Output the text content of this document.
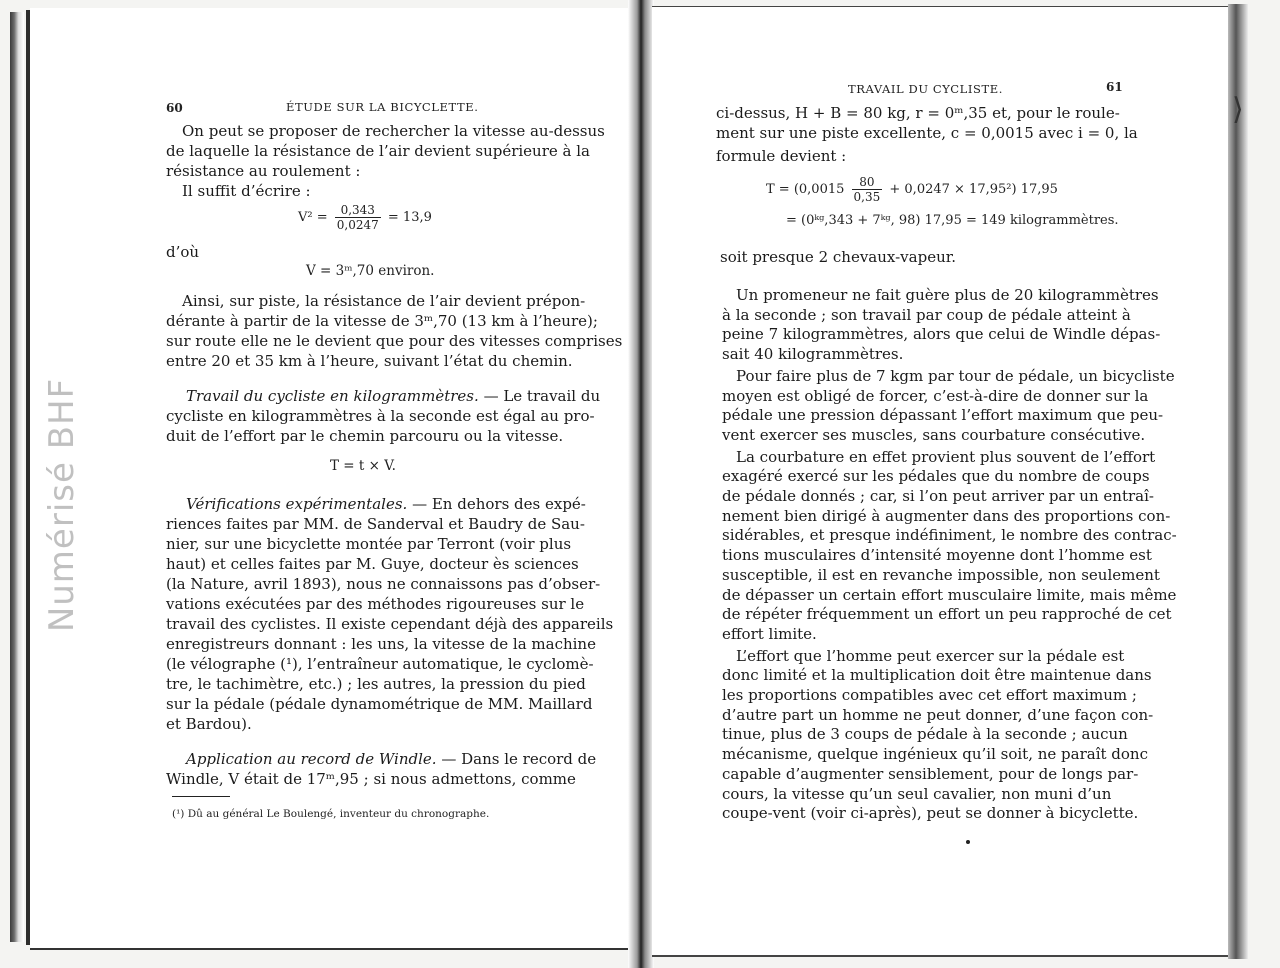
60	ÉTUDE SUR LA BICYCLETTE.
On peut se proposer de rechercher la vitesse au-dessus
de laquelle la résistance de l’air devient supérieure à la
résistance au roulement :
Il suffit d’écrire :
$V^2 = \frac{0,343}{0,0247} = 13,9$
d’où
V = 3ᵐ,70 environ.
Ainsi, sur piste, la résistance de l’air devient prépon-
dérante à partir de la vitesse de 3ᵐ,70 (13 km à l’heure);
sur route elle ne le devient que pour des vitesses comprises
entre 20 et 35 km à l’heure, suivant l’état du chemin.
Travail du cycliste en kilogrammètres. — Le travail du
cycliste en kilogrammètres à la seconde est égal au pro-
duit de l’effort par le chemin parcouru ou la vitesse.
T = t × V.
Vérifications expérimentales. — En dehors des expé-
riences faites par MM. de Sanderval et Baudry de Sau-
nier, sur une bicyclette montée par Terront (voir plus
haut) et celles faites par M. Guye, docteur ès sciences
(la Nature, avril 1893), nous ne connaissons pas d’obser-
vations exécutées par des méthodes rigoureuses sur le
travail des cyclistes. Il existe cependant déjà des appareils
enregistreurs donnant : les uns, la vitesse de la machine
(le vélographe (¹), l’entraîneur automatique, le cyclomè-
tre, le tachimètre, etc.) ; les autres, la pression du pied
sur la pédale (pédale dynamométrique de MM. Maillard
et Bardou).
Application au record de Windle. — Dans le record de
Windle, V était de 17ᵐ,95 ; si nous admettons, comme
(¹) Dû au général Le Boulengé, inventeur du chronographe.
Numérisé BHF
TRAVAIL DU CYCLISTE.	61
ci-dessus, H + B = 80 kg, r = 0ᵐ,35 et, pour le roule-
ment sur une piste excellente, c = 0,0015 avec i = 0, la
formule devient :
$T = (0,0015 \frac{80}{0,35} + 0,0247 \times 17,95^2)$ 17,95
= (0ᵏᵍ,343 + 7ᵏᵍ, 98) 17,95 = 149 kilogrammètres.
soit presque 2 chevaux-vapeur.
Un promeneur ne fait guère plus de 20 kilogrammètres
à la seconde ; son travail par coup de pédale atteint à
peine 7 kilogrammètres, alors que celui de Windle dépas-
sait 40 kilogrammètres.
Pour faire plus de 7 kgm par tour de pédale, un bicycliste
moyen est obligé de forcer, c’est-à-dire de donner sur la
pédale une pression dépassant l’effort maximum que peu-
vent exercer ses muscles, sans courbature consécutive.
La courbature en effet provient plus souvent de l’effort
exagéré exercé sur les pédales que du nombre de coups
de pédale donnés ; car, si l’on peut arriver par un entraî-
nement bien dirigé à augmenter dans des proportions con-
sidérables, et presque indéfiniment, le nombre des contrac-
tions musculaires d’intensité moyenne dont l’homme est
susceptible, il est en revanche impossible, non seulement
de dépasser un certain effort musculaire limite, mais même
de répéter fréquemment un effort un peu rapproché de cet
effort limite.
L’effort que l’homme peut exercer sur la pédale est
donc limité et la multiplication doit être maintenue dans
les proportions compatibles avec cet effort maximum ;
d’autre part un homme ne peut donner, d’une façon con-
tinue, plus de 3 coups de pédale à la seconde ; aucun
mécanisme, quelque ingénieux qu’il soit, ne paraît donc
capable d’augmenter sensiblement, pour de longs par-
cours, la vitesse qu’un seul cavalier, non muni d’un
coupe-vent (voir ci-après), peut se donner à bicyclette.
⟩
